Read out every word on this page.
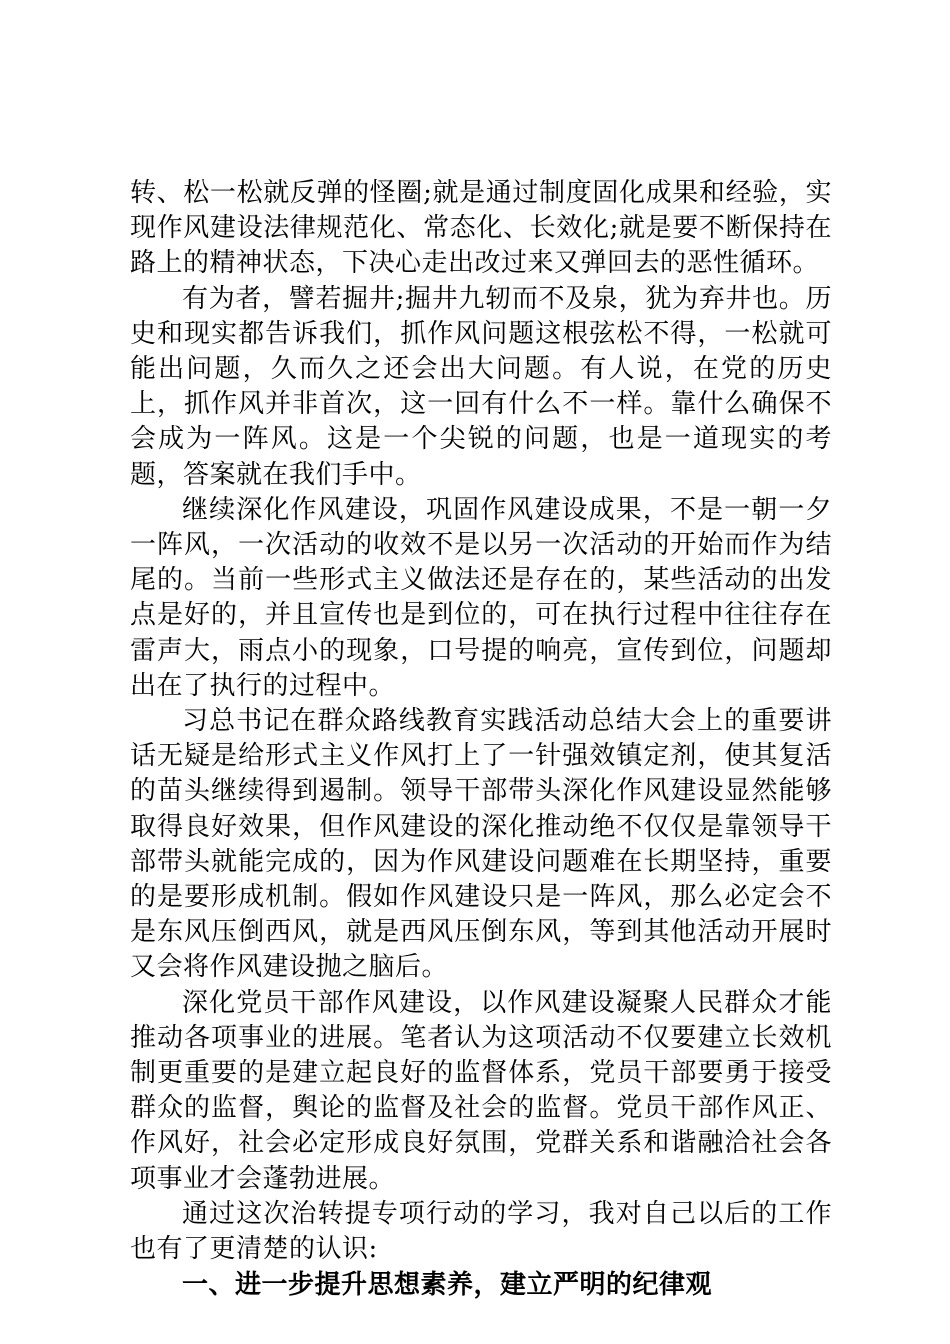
转、松一松就反弹的怪圈;就是通过制度固化成果和经验，实现作风建设法律规范化、常态化、长效化;就是要不断保持在路上的精神状态，下决心走出改过来又弹回去的恶性循环。

有为者，譬若掘井;掘井九轫而不及泉，犹为弃井也。历史和现实都告诉我们，抓作风问题这根弦松不得，一松就可能出问题，久而久之还会出大问题。有人说，在党的历史上，抓作风并非首次，这一回有什么不一样。靠什么确保不会成为一阵风。这是一个尖锐的问题，也是一道现实的考题，答案就在我们手中。

继续深化作风建设，巩固作风建设成果，不是一朝一夕一阵风，一次活动的收效不是以另一次活动的开始而作为结尾的。当前一些形式主义做法还是存在的，某些活动的出发点是好的，并且宣传也是到位的，可在执行过程中往往存在雷声大，雨点小的现象，口号提的响亮，宣传到位，问题却出在了执行的过程中。

习总书记在群众路线教育实践活动总结大会上的重要讲话无疑是给形式主义作风打上了一针强效镇定剂，使其复活的苗头继续得到遏制。领导干部带头深化作风建设显然能够取得良好效果，但作风建设的深化推动绝不仅仅是靠领导干部带头就能完成的，因为作风建设问题难在长期坚持，重要的是要形成机制。假如作风建设只是一阵风，那么必定会不是东风压倒西风，就是西风压倒东风，等到其他活动开展时又会将作风建设抛之脑后。

深化党员干部作风建设，以作风建设凝聚人民群众才能推动各项事业的进展。笔者认为这项活动不仅要建立长效机制更重要的是建立起良好的监督体系，党员干部要勇于接受群众的监督，舆论的监督及社会的监督。党员干部作风正、作风好，社会必定形成良好氛围，党群关系和谐融洽社会各项事业才会蓬勃进展。

通过这次治转提专项行动的学习，我对自己以后的工作也有了更清楚的认识:

一、进一步提升思想素养，建立严明的纪律观
